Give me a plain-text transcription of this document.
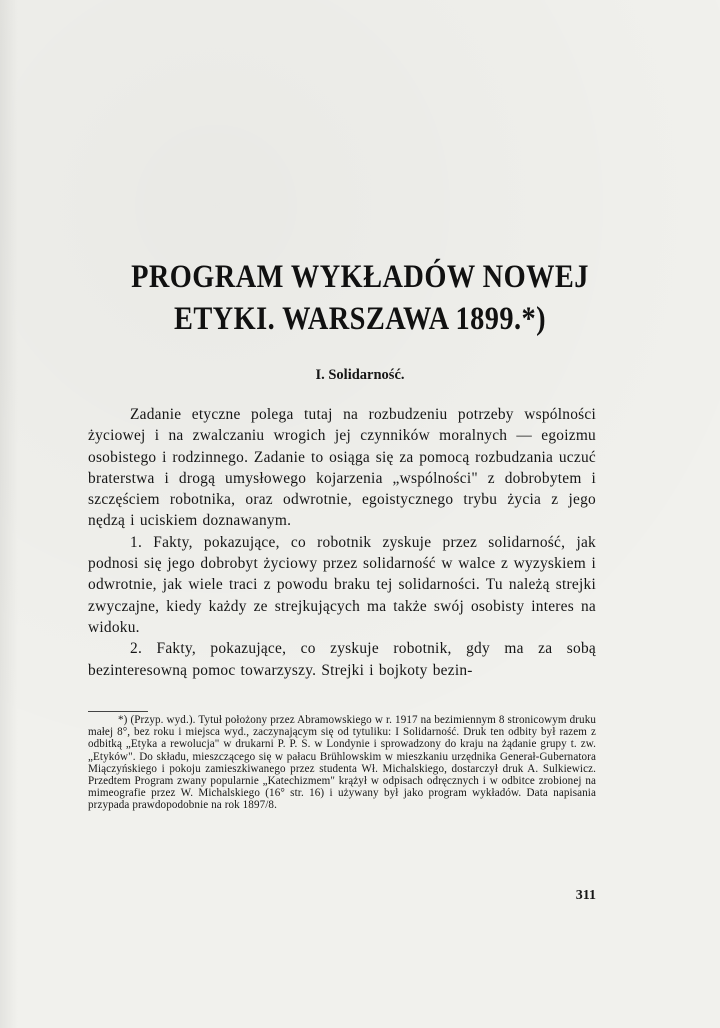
PROGRAM WYKŁADÓW NOWEJ
ETYKI. WARSZAWA 1899.*)
I. Solidarność.

Zadanie etyczne polega tutaj na rozbudzeniu potrzeby wspólności życiowej i na zwalczaniu wrogich jej czynników moralnych — egoizmu osobistego i rodzinnego. Zadanie to osiąga się za pomocą rozbudzania uczuć braterstwa i drogą umysłowego kojarzenia „wspólności" z dobrobytem i szczęściem robotnika, oraz odwrotnie, egoistycznego trybu życia z jego nędzą i uciskiem doznawanym.

1. Fakty, pokazujące, co robotnik zyskuje przez solidarność, jak podnosi się jego dobrobyt życiowy przez solidarność w walce z wyzyskiem i odwrotnie, jak wiele traci z powodu braku tej solidarności. Tu należą strejki zwyczajne, kiedy każdy ze strejkujących ma także swój osobisty interes na widoku.

2. Fakty, pokazujące, co zyskuje robotnik, gdy ma za sobą bezinteresowną pomoc towarzyszy. Strejki i bojkoty bezin-

*) (Przyp. wyd.). Tytuł położony przez Abramowskiego w r. 1917 na bezimiennym 8 stronicowym druku małej 8°, bez roku i miejsca wyd., zaczynającym się od tytuliku: I Solidarność. Druk ten odbity był razem z odbitką „Etyka a rewolucja" w drukarni P. P. S. w Londynie i sprowadzony do kraju na żądanie grupy t. zw. „Etyków". Do składu, mieszczącego się w pałacu Brühlowskim w mieszkaniu urzędnika Generał-Gubernatora Miączyńskiego i pokoju zamieszkiwanego przez studenta Wł. Michalskiego, dostarczył druk A. Sulkiewicz. Przedtem Program zwany popularnie „Katechizmem" krążył w odpisach odręcznych i w odbitce zrobionej na mimeografie przez W. Michalskiego (16° str. 16) i używany był jako program wykładów. Data napisania przypada prawdopodobnie na rok 1897/8.

311
